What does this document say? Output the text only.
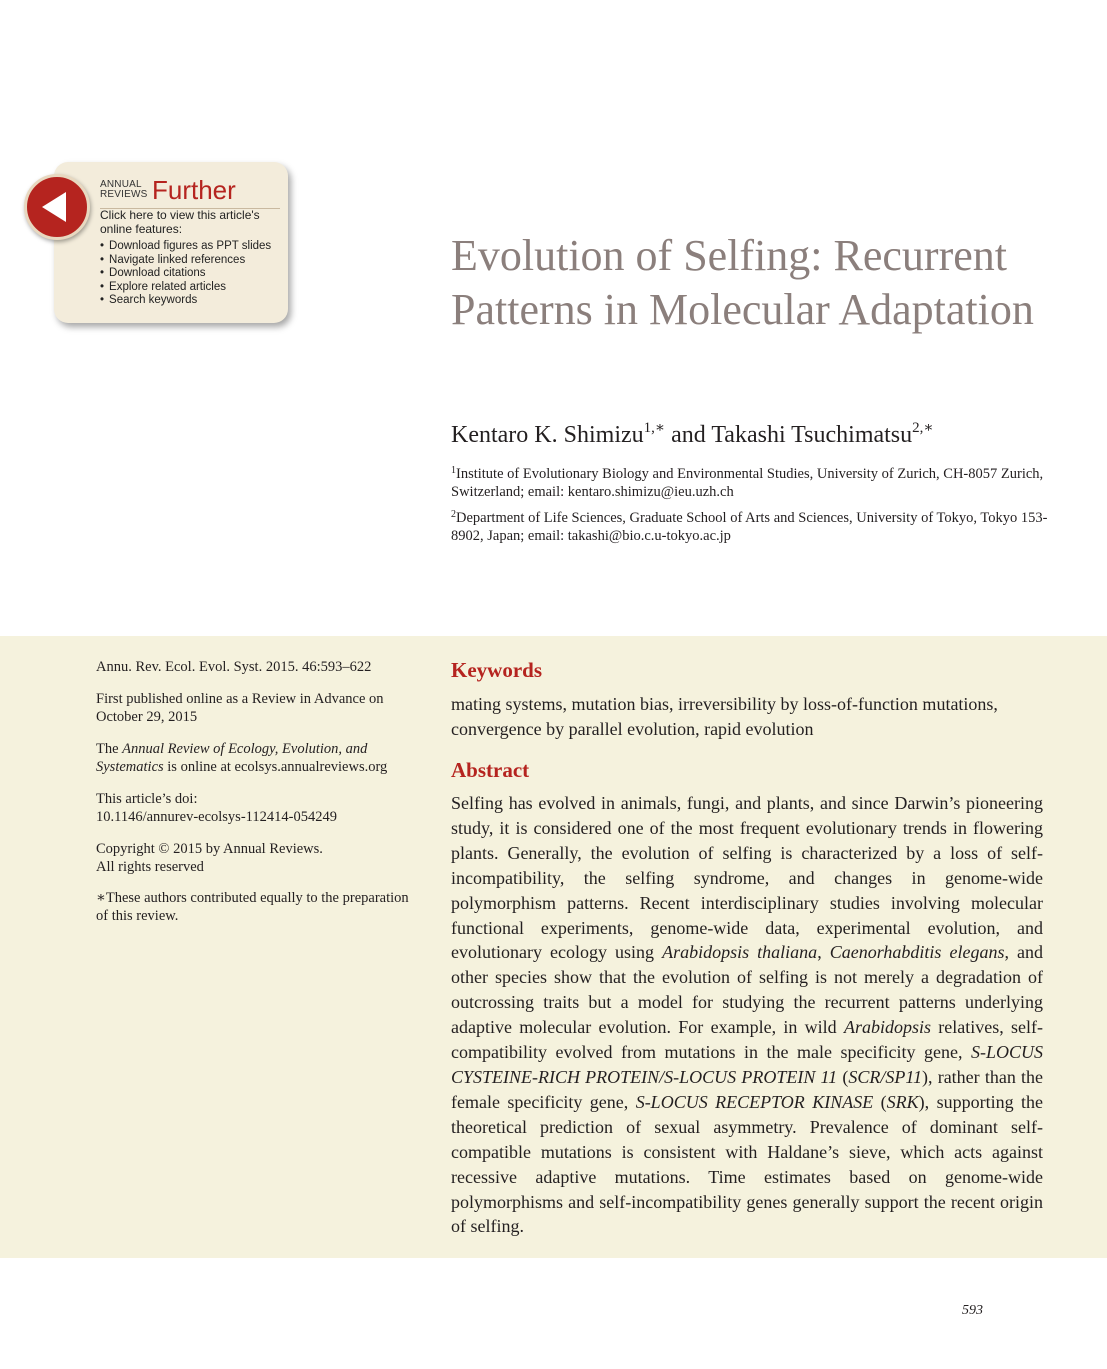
ANNUAL
REVIEWS Further
Click here to view this article's online features:
• Download figures as PPT slides
• Navigate linked references
• Download citations
• Explore related articles
• Search keywords
Evolution of Selfing: Recurrent Patterns in Molecular Adaptation
Kentaro K. Shimizu$^{1,∗}$ and Takashi Tsuchimatsu$^{2,∗}$
$^1$Institute of Evolutionary Biology and Environmental Studies, University of Zurich, CH-8057 Zurich, Switzerland; email: kentaro.shimizu@ieu.uzh.ch
$^2$Department of Life Sciences, Graduate School of Arts and Sciences, University of Tokyo, Tokyo 153-8902, Japan; email: takashi@bio.c.u-tokyo.ac.jp

Annu. Rev. Ecol. Evol. Syst. 2015. 46:593–622

First published online as a Review in Advance on October 29, 2015

The Annual Review of Ecology, Evolution, and Systematics is online at ecolsys.annualreviews.org

This article’s doi:

10.1146/annurev-ecolsys-112414-054249

Copyright © 2015 by Annual Reviews.

All rights reserved

∗These authors contributed equally to the preparation of this review.

Keywords

mating systems, mutation bias, irreversibility by loss-of-function mutations, convergence by parallel evolution, rapid evolution

Abstract

Selfing has evolved in animals, fungi, and plants, and since Darwin’s pioneering study, it is considered one of the most frequent evolutionary trends in flowering plants. Generally, the evolution of selfing is characterized by a loss of self-incompatibility, the selfing syndrome, and changes in genome-wide polymorphism patterns. Recent interdisciplinary studies involving molecular functional experiments, genome-wide data, experimental evolution, and evolutionary ecology using Arabidopsis thaliana, Caenorhabditis elegans, and other species show that the evolution of selfing is not merely a degradation of outcrossing traits but a model for studying the recurrent patterns underlying adaptive molecular evolution. For example, in wild Arabidopsis relatives, self-compatibility evolved from mutations in the male specificity gene, S-LOCUS CYSTEINE-RICH PROTEIN/S-LOCUS PROTEIN 11 (SCR/SP11), rather than the female specificity gene, S-LOCUS RECEPTOR KINASE (SRK), supporting the theoretical prediction of sexual asymmetry. Prevalence of dominant self-compatible mutations is consistent with Haldane’s sieve, which acts against recessive adaptive mutations. Time estimates based on genome-wide polymorphisms and self-incompatibility genes generally support the recent origin of selfing.

593
